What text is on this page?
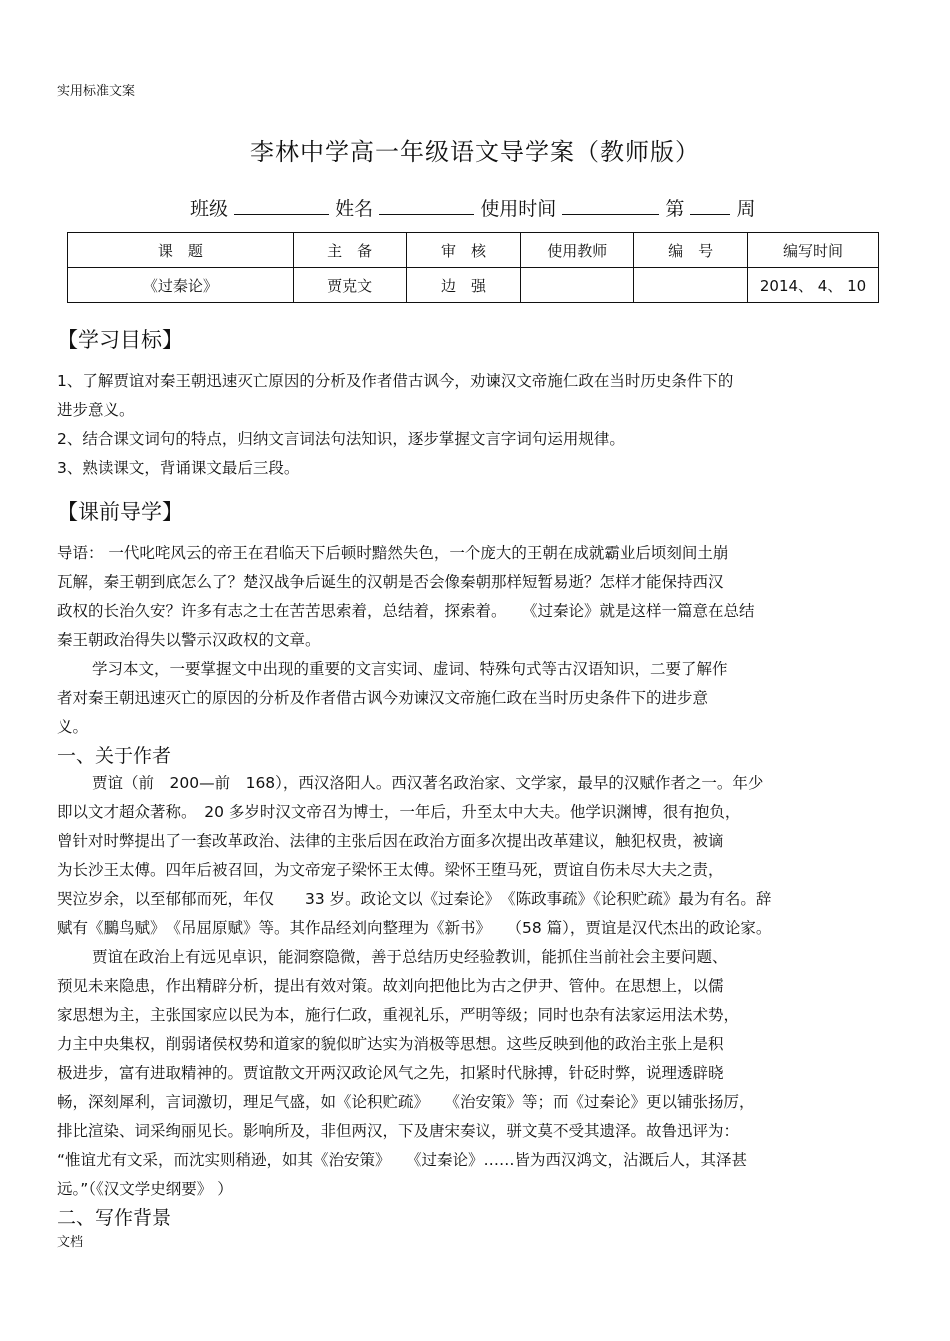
实用标准文案
李林中学高一年级语文导学案（教师版）
班级	姓名	使用时间	第	周
课　题	主　备	审　核	使用教师	编　号	编写时间
《过秦论》	贾克文	边　强			2014、 4、 10
【学习目标】
1、了解贾谊对秦王朝迅速灭亡原因的分析及作者借古讽今，劝谏汉文帝施仁政在当时历史条件下的
进步意义。
2、结合课文词句的特点，归纳文言词法句法知识，逐步掌握文言字词句运用规律。
3、熟读课文，背诵课文最后三段。
【课前导学】
导语： 一代叱咤风云的帝王在君临天下后顿时黯然失色，一个庞大的王朝在成就霸业后顷刻间土崩
瓦解，秦王朝到底怎么了？楚汉战争后诞生的汉朝是否会像秦朝那样短暂易逝？怎样才能保持西汉
政权的长治久安？许多有志之士在苦苦思索着，总结着，探索着。　　《过秦论》就是这样一篇意在总结
秦王朝政治得失以警示汉政权的文章。
学习本文，一要掌握文中出现的重要的文言实词、虚词、特殊句式等古汉语知识，二要了解作
者对秦王朝迅速灭亡的原因的分析及作者借古讽今劝谏汉文帝施仁政在当时历史条件下的进步意
义。
一、关于作者
贾谊（前　200—前　168），西汉洛阳人。西汉著名政治家、文学家，最早的汉赋作者之一。年少
即以文才超众著称。　20 多岁时汉文帝召为博士，一年后，升至太中大夫。他学识渊博，很有抱负，
曾针对时弊提出了一套改革政治、法律的主张后因在政治方面多次提出改革建议，触犯权贵，被谪
为长沙王太傅。四年后被召回，为文帝宠子梁怀王太傅。梁怀王堕马死，贾谊自伤未尽大夫之责，
哭泣岁余，以至郁郁而死，年仅　　33 岁。政论文以《过秦论》　《陈政事疏》《论积贮疏》最为有名。辞
赋有《鵩鸟赋》　《吊屈原赋》等。其作品经刘向整理为《新书》　　（58 篇），贾谊是汉代杰出的政论家。
贾谊在政治上有远见卓识，能洞察隐微，善于总结历史经验教训，能抓住当前社会主要问题、
预见未来隐患，作出精辟分析，提出有效对策。故刘向把他比为古之伊尹、管仲。在思想上，以儒
家思想为主，主张国家应以民为本，施行仁政，重视礼乐，严明等级；同时也杂有法家运用法术势，
力主中央集权，削弱诸侯权势和道家的貌似旷达实为消极等思想。这些反映到他的政治主张上是积
极进步，富有进取精神的。贾谊散文开两汉政论风气之先，扣紧时代脉搏，针砭时弊，说理透辟晓
畅，深刻犀利，言词激切，理足气盛，如《论积贮疏》　　《治安策》等；而《过秦论》更以铺张扬厉，
排比渲染、词采绚丽见长。影响所及，非但两汉，下及唐宋奏议，骈文莫不受其遗泽。故鲁迅评为：
“惟谊尤有文采，而沈实则稍逊，如其《治安策》　　《过秦论》……皆为西汉鸿文，沾溉后人，其泽甚
远。”（《汉文学史纲要》 ）
二、写作背景
文档
